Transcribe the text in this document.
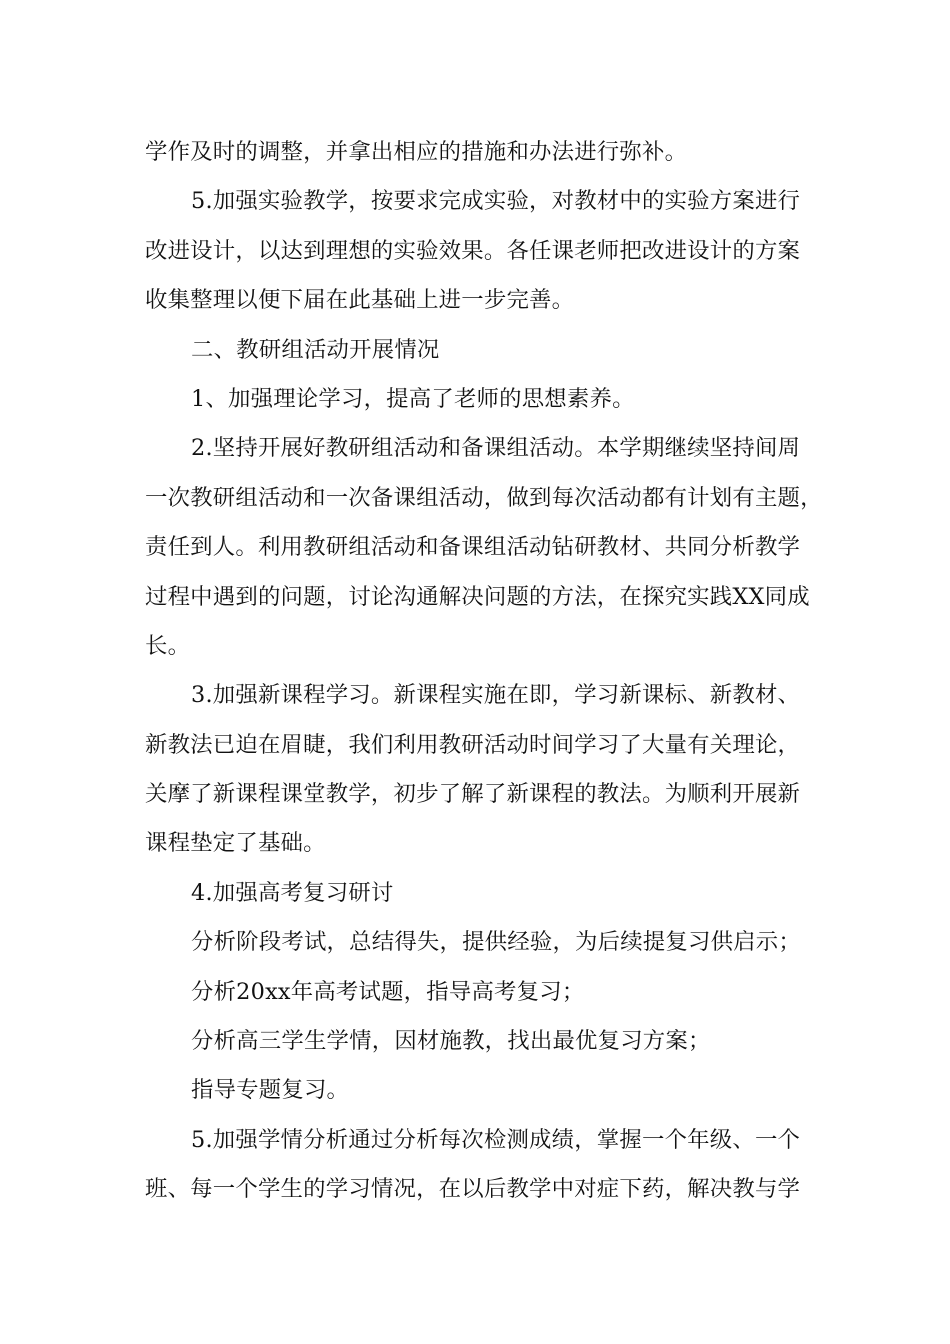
学作及时的调整，并拿出相应的措施和办法进行弥补。
5.加强实验教学，按要求完成实验，对教材中的实验方案进行
改进设计，以达到理想的实验效果。各任课老师把改进设计的方案
收集整理以便下届在此基础上进一步完善。
二、教研组活动开展情况
1、加强理论学习，提高了老师的思想素养。
2.坚持开展好教研组活动和备课组活动。本学期继续坚持间周
一次教研组活动和一次备课组活动，做到每次活动都有计划有主题，
责任到人。利用教研组活动和备课组活动钻研教材、共同分析教学
过程中遇到的问题，讨论沟通解决问题的方法，在探究实践XX同成
长。
3.加强新课程学习。新课程实施在即，学习新课标、新教材、
新教法已迫在眉睫，我们利用教研活动时间学习了大量有关理论，
关摩了新课程课堂教学，初步了解了新课程的教法。为顺利开展新
课程垫定了基础。
4.加强高考复习研讨
分析阶段考试，总结得失，提供经验，为后续提复习供启示；
分析20xx年高考试题，指导高考复习；
分析高三学生学情，因材施教，找出最优复习方案；
指导专题复习。
5.加强学情分析通过分析每次检测成绩，掌握一个年级、一个
班、每一个学生的学习情况，在以后教学中对症下药，解决教与学
